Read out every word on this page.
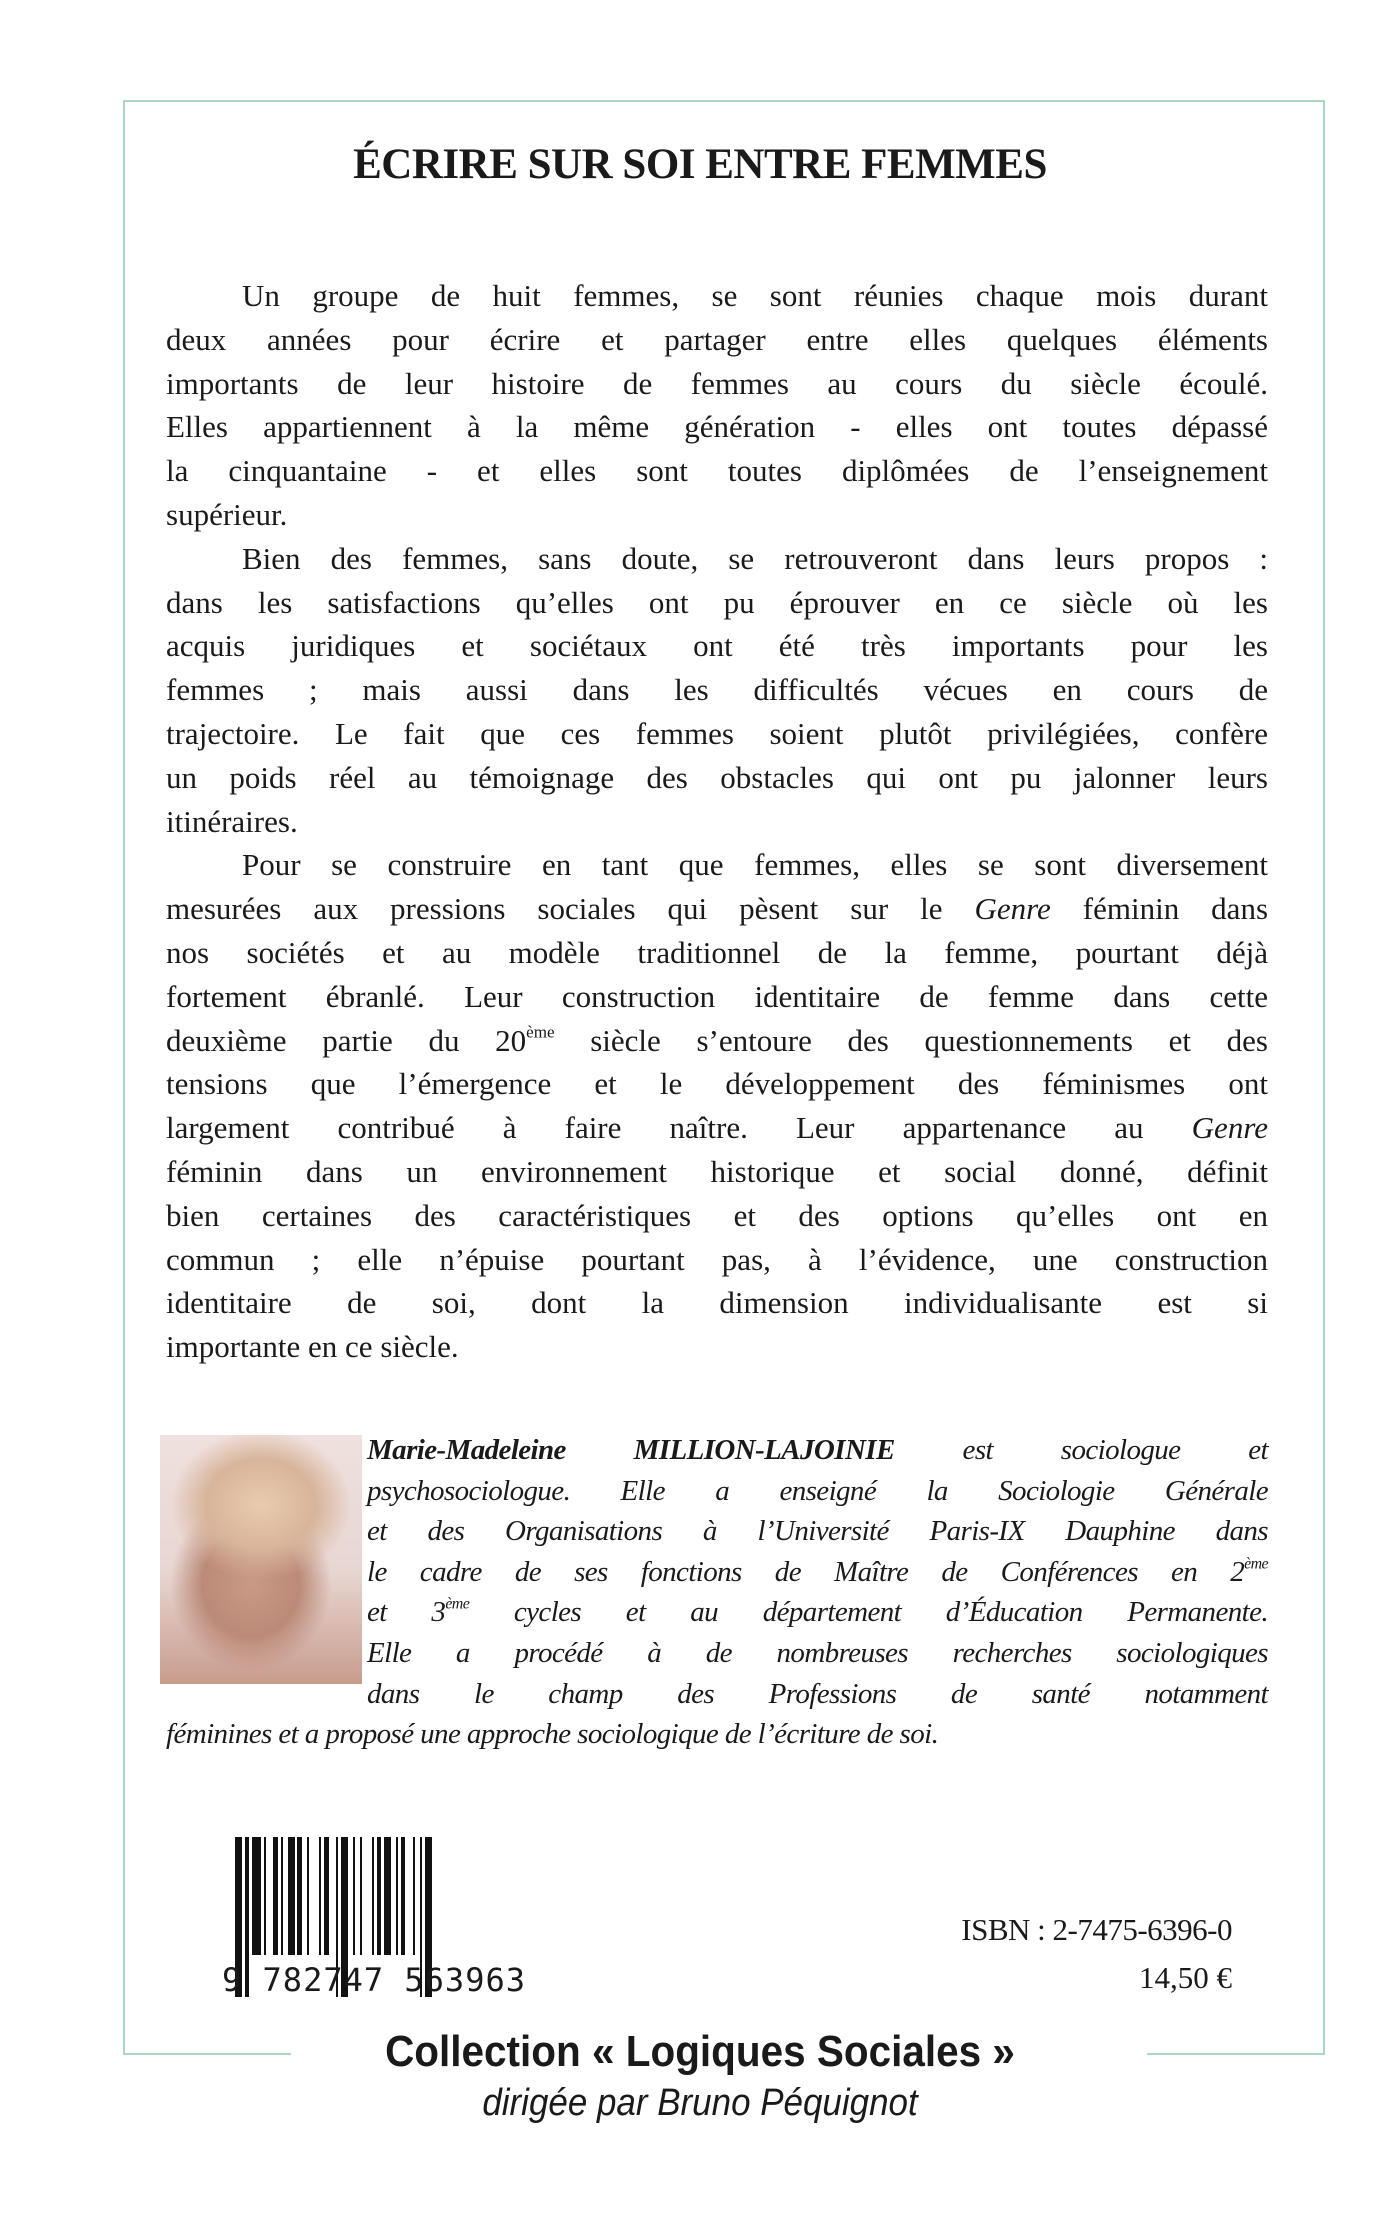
ÉCRIRE SUR SOI ENTRE FEMMES
Un groupe de huit femmes, se sont réunies chaque mois durant
deux années pour écrire et partager entre elles quelques éléments
importants de leur histoire de femmes au cours du siècle écoulé.
Elles appartiennent à la même génération - elles ont toutes dépassé
la cinquantaine - et elles sont toutes diplômées de l’enseignement
supérieur.
Bien des femmes, sans doute, se retrouveront dans leurs propos :
dans les satisfactions qu’elles ont pu éprouver en ce siècle où les
acquis juridiques et sociétaux ont été très importants pour les
femmes ; mais aussi dans les difficultés vécues en cours de
trajectoire. Le fait que ces femmes soient plutôt privilégiées, confère
un poids réel au témoignage des obstacles qui ont pu jalonner leurs
itinéraires.
Pour se construire en tant que femmes, elles se sont diversement
mesurées aux pressions sociales qui pèsent sur le Genre féminin dans
nos sociétés et au modèle traditionnel de la femme, pourtant déjà
fortement ébranlé. Leur construction identitaire de femme dans cette
deuxième partie du 20ème siècle s’entoure des questionnements et des
tensions que l’émergence et le développement des féminismes ont
largement contribué à faire naître. Leur appartenance au Genre
féminin dans un environnement historique et social donné, définit
bien certaines des caractéristiques et des options qu’elles ont en
commun ; elle n’épuise pourtant pas, à l’évidence, une construction
identitaire de soi, dont la dimension individualisante est si
importante en ce siècle.
Marie-Madeleine MILLION-LAJOINIE est sociologue et
psychosociologue. Elle a enseigné la Sociologie Générale
et des Organisations à l’Université Paris-IX Dauphine dans
le cadre de ses fonctions de Maître de Conférences en 2ème
et 3ème cycles et au département d’Éducation Permanente.
Elle a procédé à de nombreuses recherches sociologiques
dans le champ des Professions de santé notamment
féminines et a proposé une approche sociologique de l’écriture de soi.
9 782747 563963
ISBN : 2-7475-6396-0
14,50 €
Collection « Logiques Sociales »
dirigée par Bruno Péquignot
